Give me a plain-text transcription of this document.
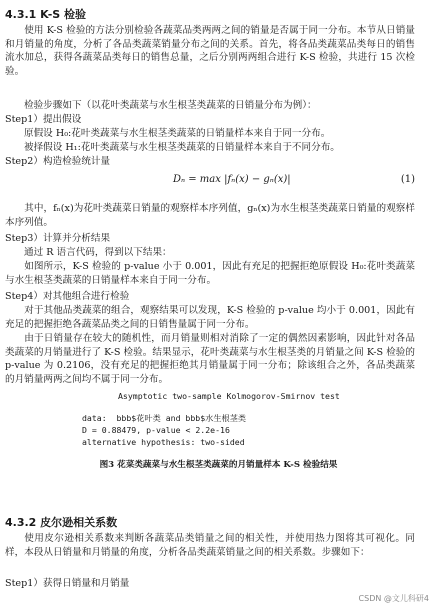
4.3.1 K-S 检验
使用 K-S 检验的方法分别检验各蔬菜品类两两之间的销量是否属于同一分布。本节从日销量和月销量的角度，分析了各品类蔬菜销量分布之间的关系。首先，将各品类蔬菜品类每日的销售流水加总，获得各蔬菜品类每日的销售总量，之后分别两两组合进行 K-S 检验，共进行 15 次检验。
检验步骤如下（以花叶类蔬菜与水生根茎类蔬菜的日销量分布为例）：
Step1）提出假设
原假设 H₀:花叶类蔬菜与水生根茎类蔬菜的日销量样本来自于同一分布。
被择假设 H₁:花叶类蔬菜与水生根茎类蔬菜的日销量样本来自于不同分布。
Step2）构造检验统计量
Dₙ = max |fₙ(x) − gₙ(x)|	(1)
其中，fₙ(x)为花叶类蔬菜日销量的观察样本序列值，gₙ(x)为水生根茎类蔬菜日销量的观察样本序列值。
Step3）计算并分析结果
通过 R 语言代码，得到以下结果：
如图所示，K-S 检验的 p-value 小于 0.001，因此有充足的把握拒绝原假设 H₀:花叶类蔬菜与水生根茎类蔬菜的日销量样本来自于同一分布。
Step4）对其他组合进行检验
对于其他品类蔬菜的组合，观察结果可以发现，K-S 检验的 p-value 均小于 0.001，因此有充足的把握拒绝各蔬菜品类之间的日销售量属于同一分布。
由于日销量存在较大的随机性，而月销量则相对消除了一定的偶然因素影响，因此针对各品类蔬菜的月销量进行了 K-S 检验。结果显示，花叶类蔬菜与水生根茎类的月销量之间 K-S 检验的 p-value 为 0.2106，没有充足的把握拒绝其月销量属于同一分布；除该组合之外，各品类蔬菜的月销量两两之间均不属于同一分布。
Asymptotic two-sample Kolmogorov-Smirnov test
data:  bbb$花叶类 and bbb$水生根茎类
D = 0.88479, p-value < 2.2e-16
alternative hypothesis: two-sided
图3 花菜类蔬菜与水生根茎类蔬菜的月销量样本 K-S 检验结果
4.3.2 皮尔逊相关系数
使用皮尔逊相关系数来判断各蔬菜品类销量之间的相关性，并使用热力图将其可视化。同样，本段从日销量和月销量的角度，分析各品类蔬菜销量之间的相关系数。步骤如下：
Step1）获得日销量和月销量
CSDN @文儿科研4
